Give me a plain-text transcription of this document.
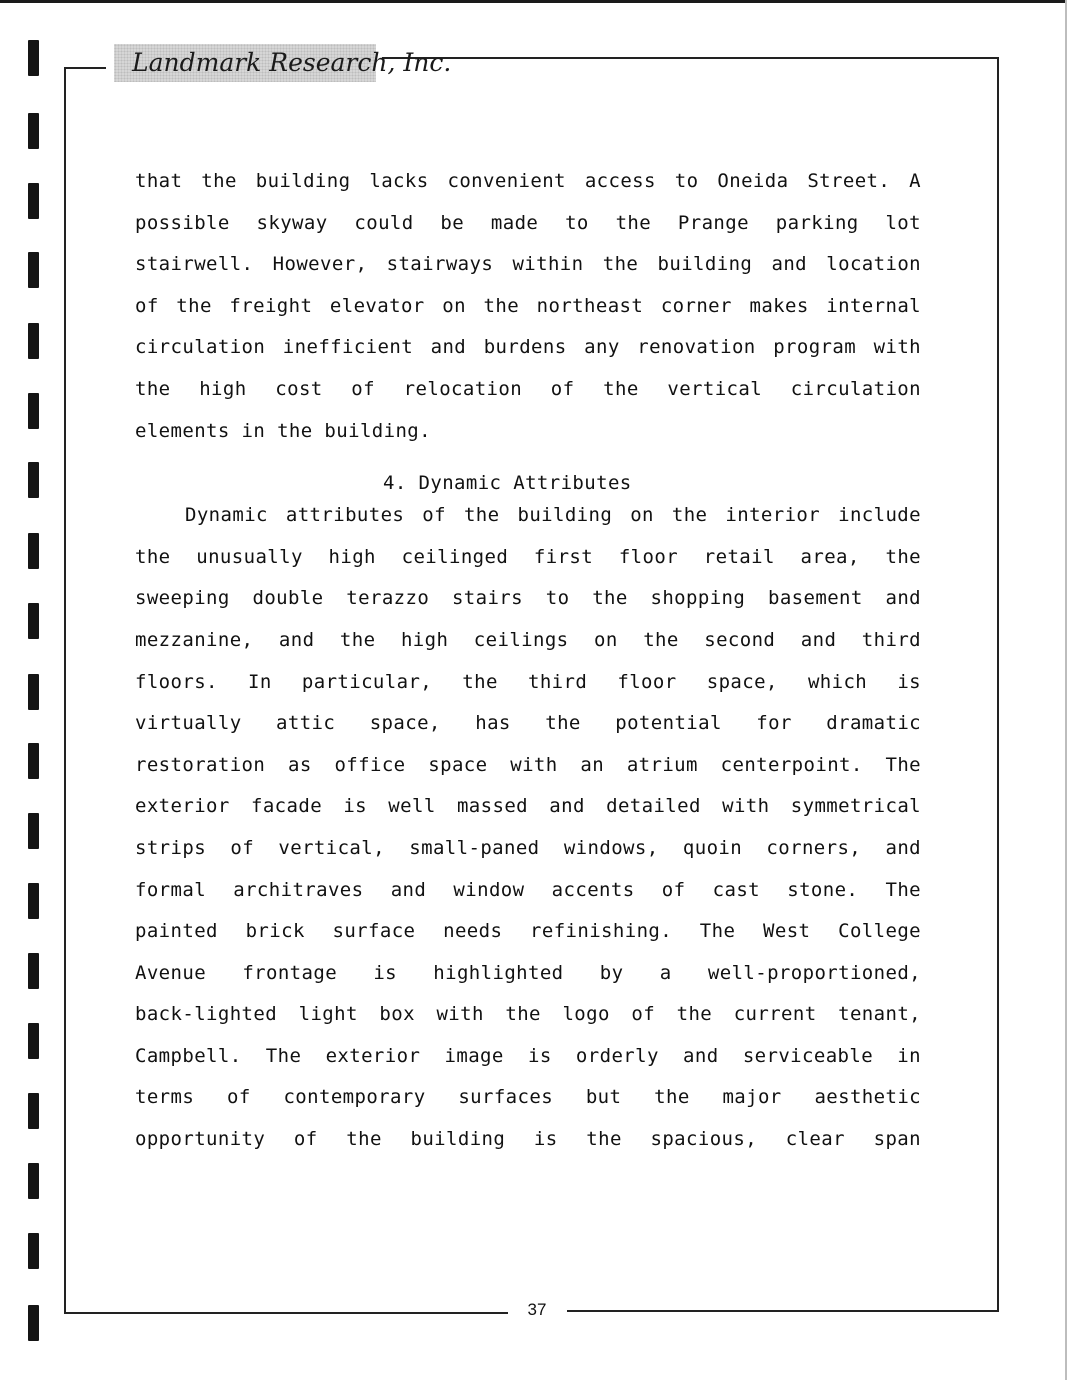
Landmark Research, Inc.
that the building lacks convenient access to Oneida Street. A
possible skyway could be made to the Prange parking lot
stairwell. However, stairways within the building and location
of the freight elevator on the northeast corner makes internal
circulation inefficient and burdens any renovation program with
the high cost of relocation of the vertical circulation
elements in the building.
4. Dynamic Attributes
Dynamic attributes of the building on the interior include
the unusually high ceilinged first floor retail area, the
sweeping double terazzo stairs to the shopping basement and
mezzanine, and the high ceilings on the second and third
floors. In particular, the third floor space, which is
virtually attic space, has the potential for dramatic
restoration as office space with an atrium centerpoint. The
exterior facade is well massed and detailed with symmetrical
strips of vertical, small-paned windows, quoin corners, and
formal architraves and window accents of cast stone. The
painted brick surface needs refinishing. The West College
Avenue frontage is highlighted by a well-proportioned,
back-lighted light box with the logo of the current tenant,
Campbell. The exterior image is orderly and serviceable in
terms of contemporary surfaces but the major aesthetic
opportunity of the building is the spacious, clear span
37
